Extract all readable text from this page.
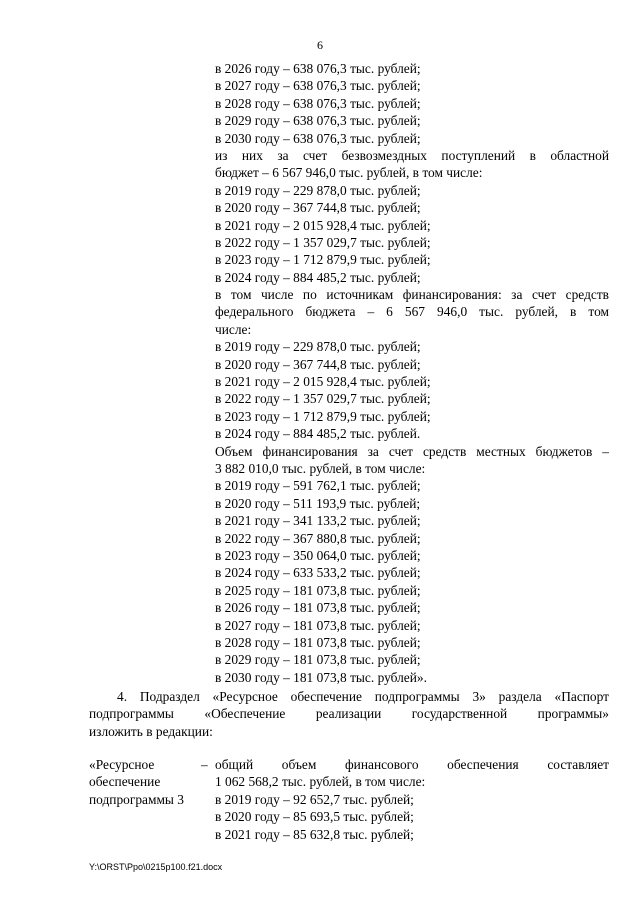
6
в 2026 году – 638 076,3 тыс. рублей;
в 2027 году – 638 076,3 тыс. рублей;
в 2028 году – 638 076,3 тыс. рублей;
в 2029 году – 638 076,3 тыс. рублей;
в 2030 году – 638 076,3 тыс. рублей;
из них за счет безвозмездных поступлений в областной
бюджет – 6 567 946,0 тыс. рублей, в том числе:
в 2019 году – 229 878,0 тыс. рублей;
в 2020 году – 367 744,8 тыс. рублей;
в 2021 году – 2 015 928,4 тыс. рублей;
в 2022 году – 1 357 029,7 тыс. рублей;
в 2023 году – 1 712 879,9 тыс. рублей;
в 2024 году – 884 485,2 тыс. рублей;
в том числе по источникам финансирования: за счет средств
федерального бюджета – 6 567 946,0 тыс. рублей, в том
числе:
в 2019 году – 229 878,0 тыс. рублей;
в 2020 году – 367 744,8 тыс. рублей;
в 2021 году – 2 015 928,4 тыс. рублей;
в 2022 году – 1 357 029,7 тыс. рублей;
в 2023 году – 1 712 879,9 тыс. рублей;
в 2024 году – 884 485,2 тыс. рублей.
Объем финансирования за счет средств местных бюджетов –
3 882 010,0 тыс. рублей, в том числе:
в 2019 году – 591 762,1 тыс. рублей;
в 2020 году – 511 193,9 тыс. рублей;
в 2021 году – 341 133,2 тыс. рублей;
в 2022 году – 367 880,8 тыс. рублей;
в 2023 году – 350 064,0 тыс. рублей;
в 2024 году – 633 533,2 тыс. рублей;
в 2025 году – 181 073,8 тыс. рублей;
в 2026 году – 181 073,8 тыс. рублей;
в 2027 году – 181 073,8 тыс. рублей;
в 2028 году – 181 073,8 тыс. рублей;
в 2029 году – 181 073,8 тыс. рублей;
в 2030 году – 181 073,8 тыс. рублей».
4. Подраздел «Ресурсное обеспечение подпрограммы 3» раздела «Паспорт
подпрограммы «Обеспечение реализации государственной программы»
изложить в редакции:
«Ресурсное
обеспечение
подпрограммы 3
– общий объем финансового обеспечения составляет
1 062 568,2 тыс. рублей, в том числе:
в 2019 году – 92 652,7 тыс. рублей;
в 2020 году – 85 693,5 тыс. рублей;
в 2021 году – 85 632,8 тыс. рублей;
Y:\ORST\Ppo\0215p100.f21.docx
